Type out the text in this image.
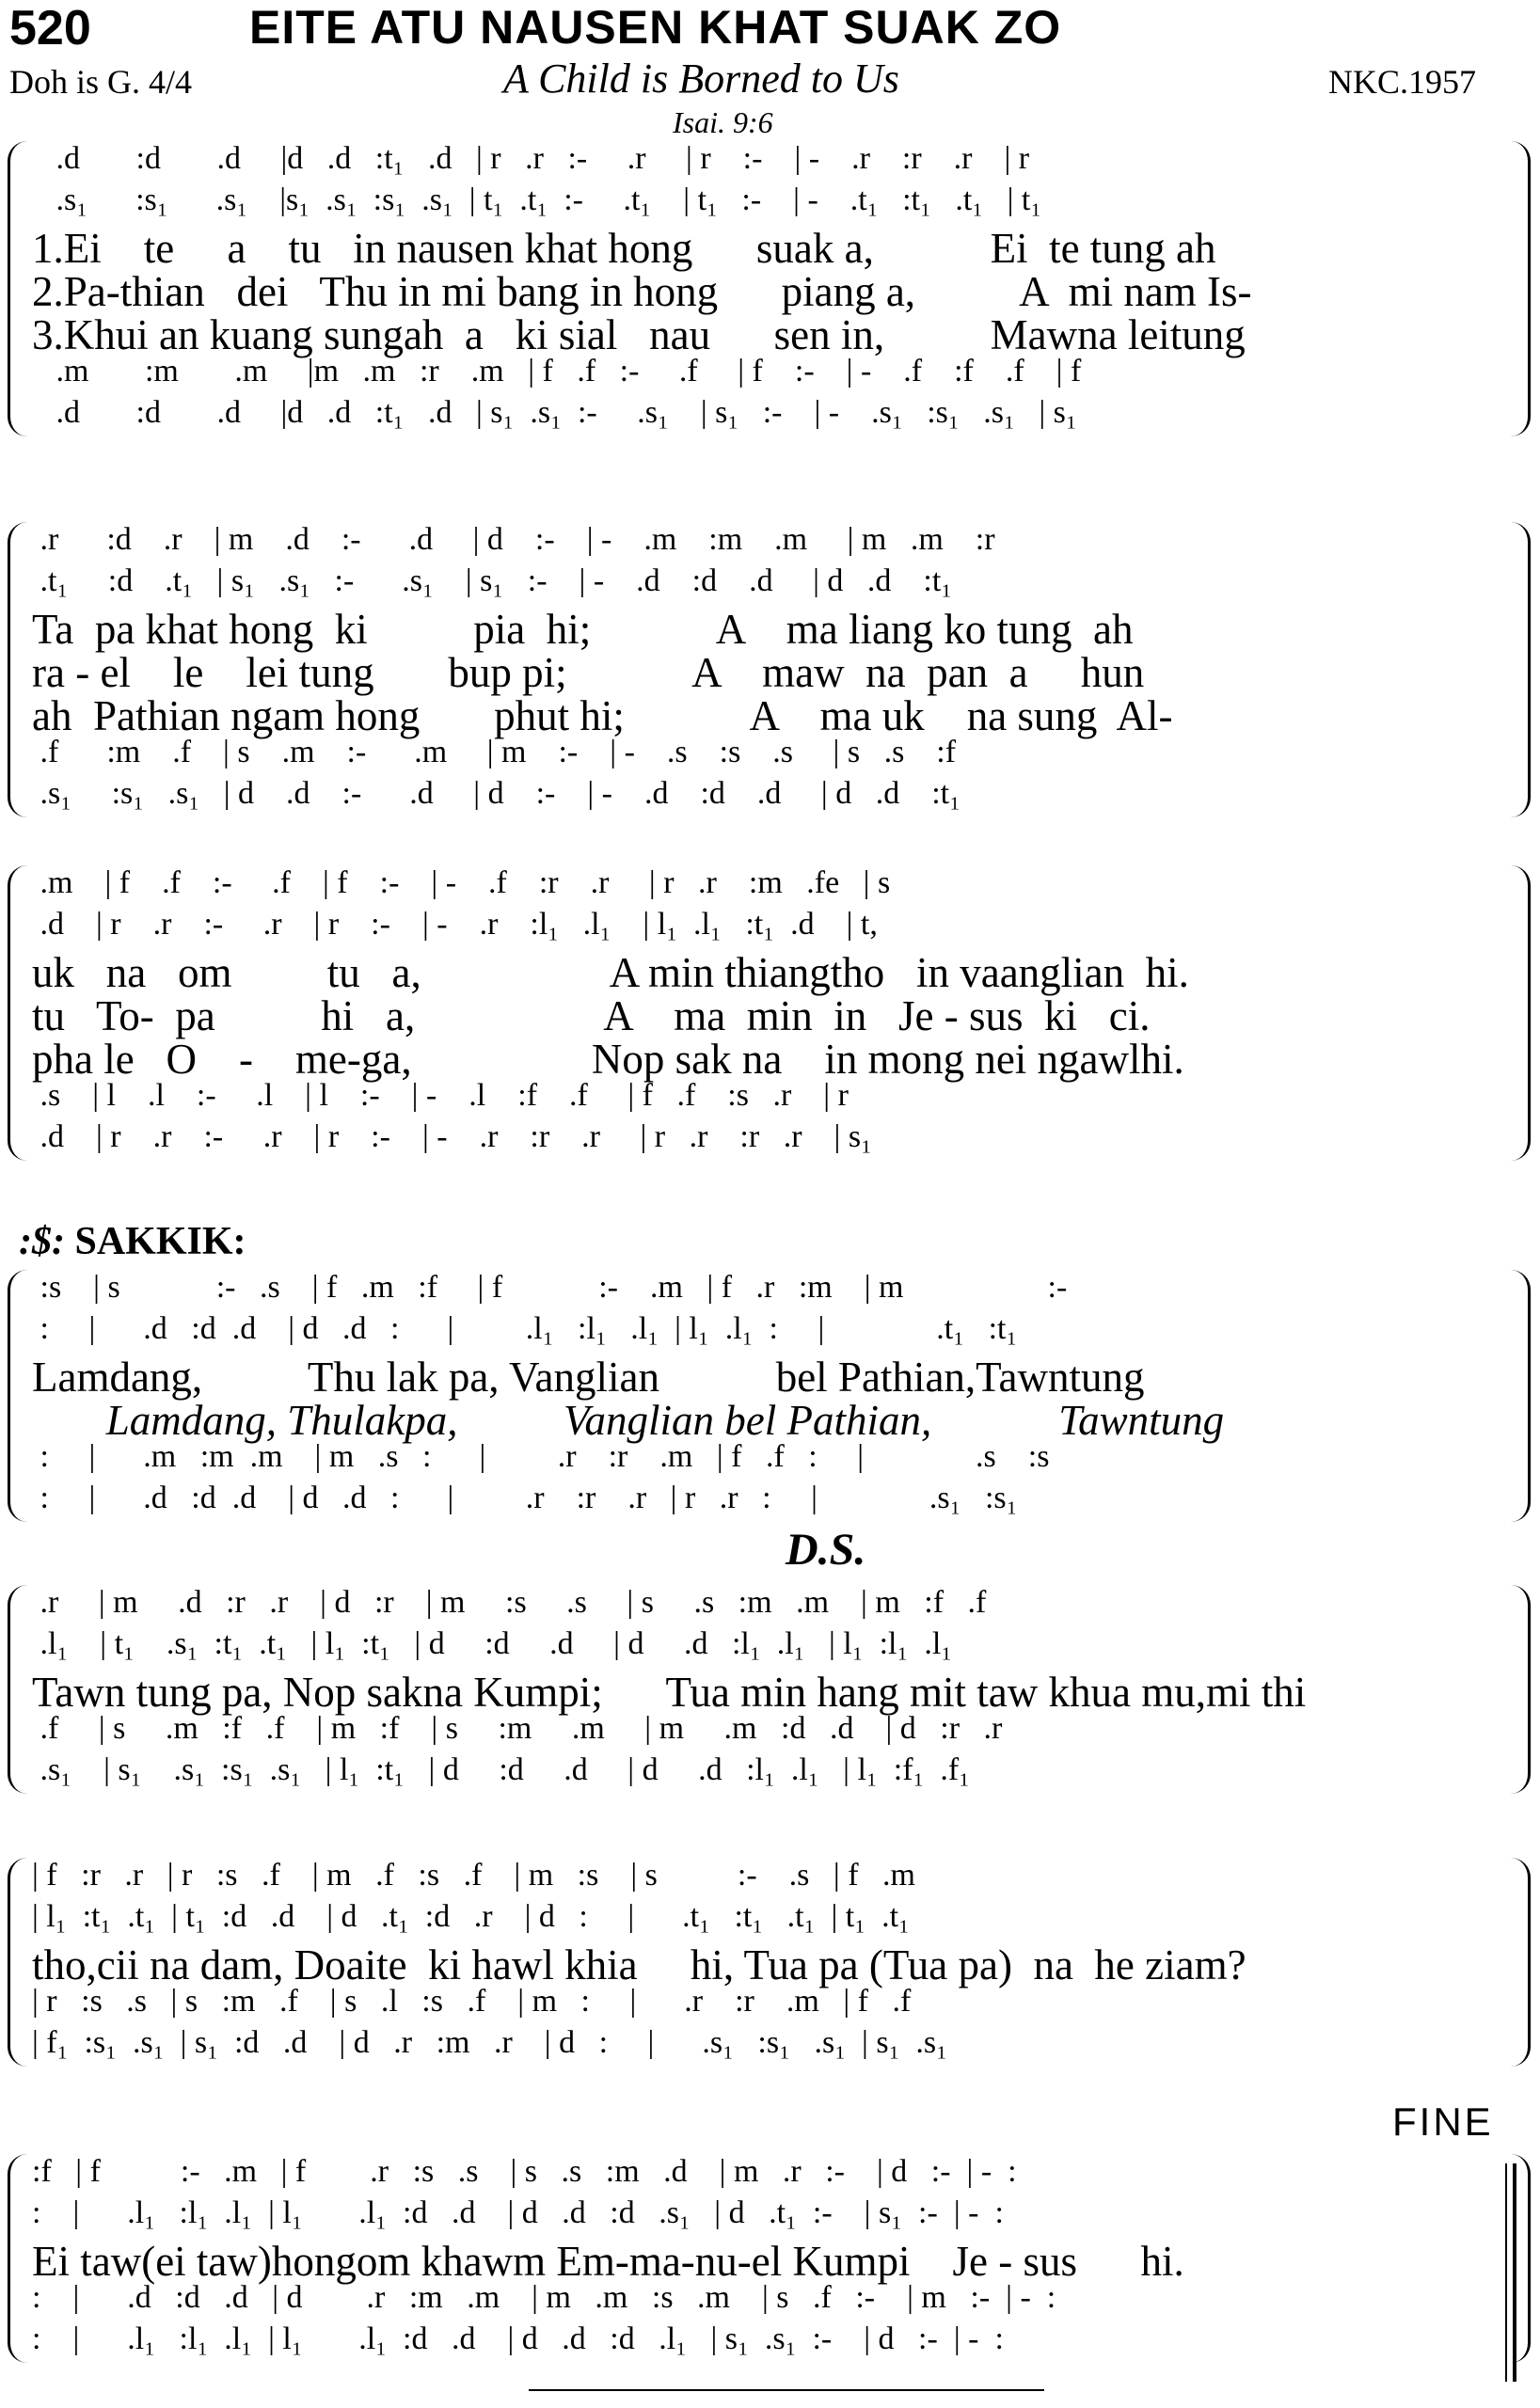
520	EITE ATU NAUSEN KHAT SUAK ZO
Doh is G. 4/4	A Child is Borned to Us	NKC.1957
Isai. 9:6
.d       :d       .d     |d   .d   :t₁   .d   | r   .r   :-     .r     | r    :-    | -    .r    :r    .r    | r
.s₁      :s₁      .s₁    |s₁  .s₁  :s₁  .s₁  | t₁  .t₁  :-     .t₁    | t₁   :-    | -    .t₁   :t₁   .t₁   | t₁
1.Ei    te     a    tu   in nausen khat hong      suak a,           Ei  te tung ah
2.Pa-thian   dei   Thu in mi bang in hong      piang a,          A  mi nam Is-
3.Khui an kuang sungah  a   ki sial   nau      sen in,          Mawna leitung
.m       :m       .m     |m   .m   :r    .m   | f   .f   :-     .f     | f    :-    | -    .f    :f    .f    | f
.d       :d       .d     |d   .d   :t₁   .d   | s₁  .s₁  :-     .s₁    | s₁   :-    | -    .s₁   :s₁   .s₁   | s₁
.r      :d    .r    | m    .d    :-      .d     | d    :-    | -    .m    :m    .m     | m   .m    :r
.t₁     :d    .t₁   | s₁   .s₁   :-      .s₁    | s₁   :-    | -    .d    :d    .d     | d   .d    :t₁
Ta  pa khat hong  ki          pia  hi;            A    ma liang ko tung  ah
ra - el    le    lei tung       bup pi;            A    maw  na  pan  a     hun
ah  Pathian ngam hong       phut hi;            A    ma uk    na sung  Al-
.f      :m    .f    | s    .m    :-      .m     | m    :-    | -    .s    :s    .s     | s   .s    :f
.s₁     :s₁   .s₁   | d    .d    :-      .d     | d    :-    | -    .d    :d    .d     | d   .d    :t₁
.m    | f    .f    :-     .f    | f    :-    | -    .f    :r    .r     | r   .r    :m   .fe   | s
.d    | r    .r    :-     .r    | r    :-    | -    .r    :l₁   .l₁    | l₁  .l₁   :t₁  .d    | t,
uk   na   om         tu   a,                  A min thiangtho   in vaanglian  hi.
tu   To-  pa          hi   a,                  A    ma  min  in   Je - sus  ki   ci.
pha le   O    -    me-ga,                 Nop sak na    in mong nei ngawlhi.
.s    | l    .l    :-     .l    | l    :-    | -    .l    :f    .f     | f   .f    :s   .r    | r
.d    | r    .r    :-     .r    | r    :-    | -    .r    :r    .r     | r   .r    :r   .r    | s₁
:s    | s            :-   .s    | f   .m   :f     | f            :-    .m   | f   .r   :m    | m                  :-
:     |      .d   :d  .d    | d   .d   :      |         .l₁   :l₁   .l₁  | l₁  .l₁  :     |              .t₁   :t₁
Lamdang,          Thu lak pa, Vanglian           bel Pathian,Tawntung
Lamdang, Thulakpa,          Vanglian bel Pathian,            Tawntung
:     |      .m   :m  .m    | m   .s   :      |         .r    :r    .m   | f   .f   :     |              .s    :s
:     |      .d   :d  .d    | d   .d   :      |         .r    :r    .r   | r   .r   :     |              .s₁   :s₁
.r     | m     .d   :r   .r    | d   :r    | m     :s     .s     | s     .s   :m   .m    | m   :f   .f
.l₁    | t₁    .s₁  :t₁  .t₁   | l₁  :t₁   | d     :d     .d     | d     .d   :l₁  .l₁   | l₁  :l₁  .l₁
Tawn tung pa, Nop sakna Kumpi;      Tua min hang mit taw khua mu,mi thi
.f     | s     .m   :f   .f    | m   :f    | s     :m     .m     | m     .m   :d   .d    | d   :r   .r
.s₁    | s₁    .s₁  :s₁  .s₁   | l₁  :t₁   | d     :d     .d     | d     .d   :l₁  .l₁   | l₁  :f₁  .f₁
| f   :r   .r   | r   :s   .f    | m   .f   :s   .f    | m   :s    | s          :-    .s   | f   .m
| l₁  :t₁  .t₁  | t₁  :d   .d    | d   .t₁  :d   .r    | d   :     |      .t₁   :t₁   .t₁  | t₁  .t₁
tho,cii na dam, Doaite  ki hawl khia     hi, Tua pa (Tua pa)  na  he ziam?
| r   :s   .s   | s   :m   .f    | s   .l   :s   .f    | m   :     |      .r    :r    .m   | f   .f
| f₁  :s₁  .s₁  | s₁  :d   .d    | d   .r   :m   .r    | d   :     |      .s₁   :s₁   .s₁  | s₁  .s₁
:f   | f          :-   .m   | f        .r   :s   .s    | s   .s   :m   .d    | m   .r   :-    | d   :-  | -  :
:    |      .l₁   :l₁  .l₁  | l₁       .l₁  :d   .d    | d   .d   :d   .s₁   | d   .t₁  :-    | s₁  :-  | -  :
Ei taw(ei taw)hongom khawm Em-ma-nu-el Kumpi    Je - sus      hi.
:    |      .d   :d   .d   | d        .r   :m   .m    | m   .m   :s   .m    | s   .f   :-    | m   :-  | -  :
:    |      .l₁   :l₁  .l₁  | l₁       .l₁  :d   .d    | d   .d   :d   .l₁   | s₁  .s₁  :-    | d   :-  | -  :
:$: SAKKIK:
D.S.
FINE
